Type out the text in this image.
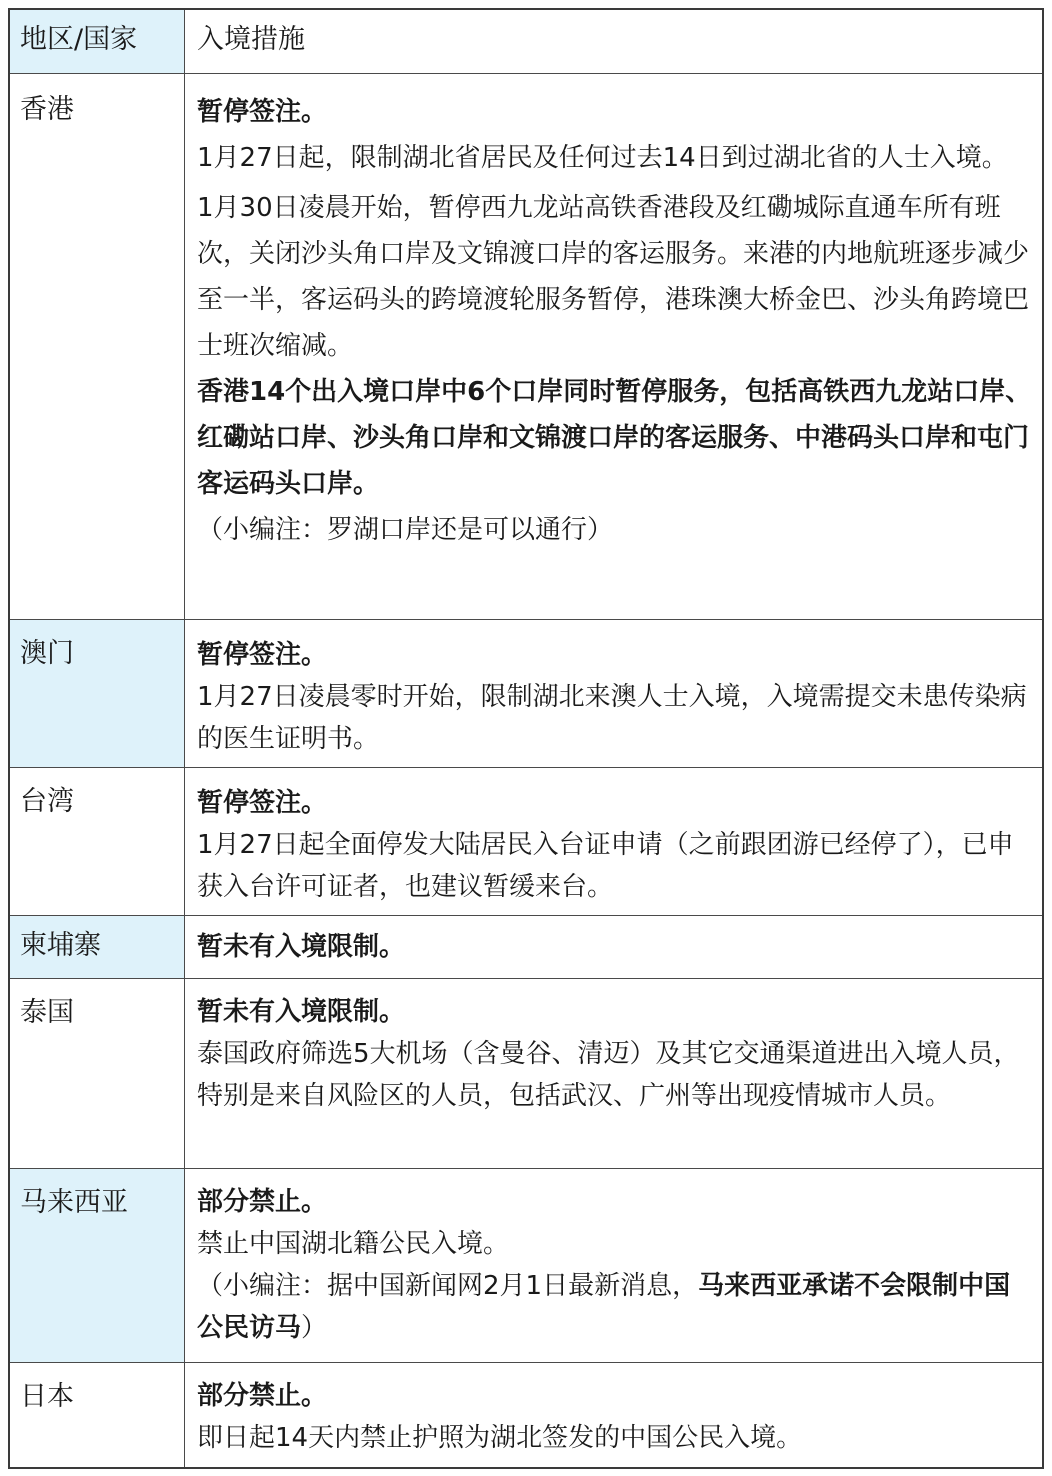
地区/国家	入境措施
香港	暂停签注。
1月27日起，限制湖北省居民及任何过去14日到过湖北省的人士入境。
1月30日凌晨开始，暂停西九龙站高铁香港段及红磡城际直通车所有班次，关闭沙头角口岸及文锦渡口岸的客运服务。来港的内地航班逐步减少至一半，客运码头的跨境渡轮服务暂停，港珠澳大桥金巴、沙头角跨境巴士班次缩减。
香港14个出入境口岸中6个口岸同时暂停服务，包括高铁西九龙站口岸、红磡站口岸、沙头角口岸和文锦渡口岸的客运服务、中港码头口岸和屯门客运码头口岸。
（小编注：罗湖口岸还是可以通行）
澳门	暂停签注。
1月27日凌晨零时开始，限制湖北来澳人士入境，入境需提交未患传染病的医生证明书。
台湾	暂停签注。
1月27日起全面停发大陆居民入台证申请（之前跟团游已经停了），已申获入台许可证者，也建议暂缓来台。
柬埔寨	暂未有入境限制。
泰国	暂未有入境限制。
泰国政府筛选5大机场（含曼谷、清迈）及其它交通渠道进出入境人员，特别是来自风险区的人员，包括武汉、广州等出现疫情城市人员。
马来西亚	部分禁止。
禁止中国湖北籍公民入境。
（小编注：据中国新闻网2月1日最新消息，马来西亚承诺不会限制中国公民访马）
日本	部分禁止。
即日起14天内禁止护照为湖北签发的中国公民入境。
